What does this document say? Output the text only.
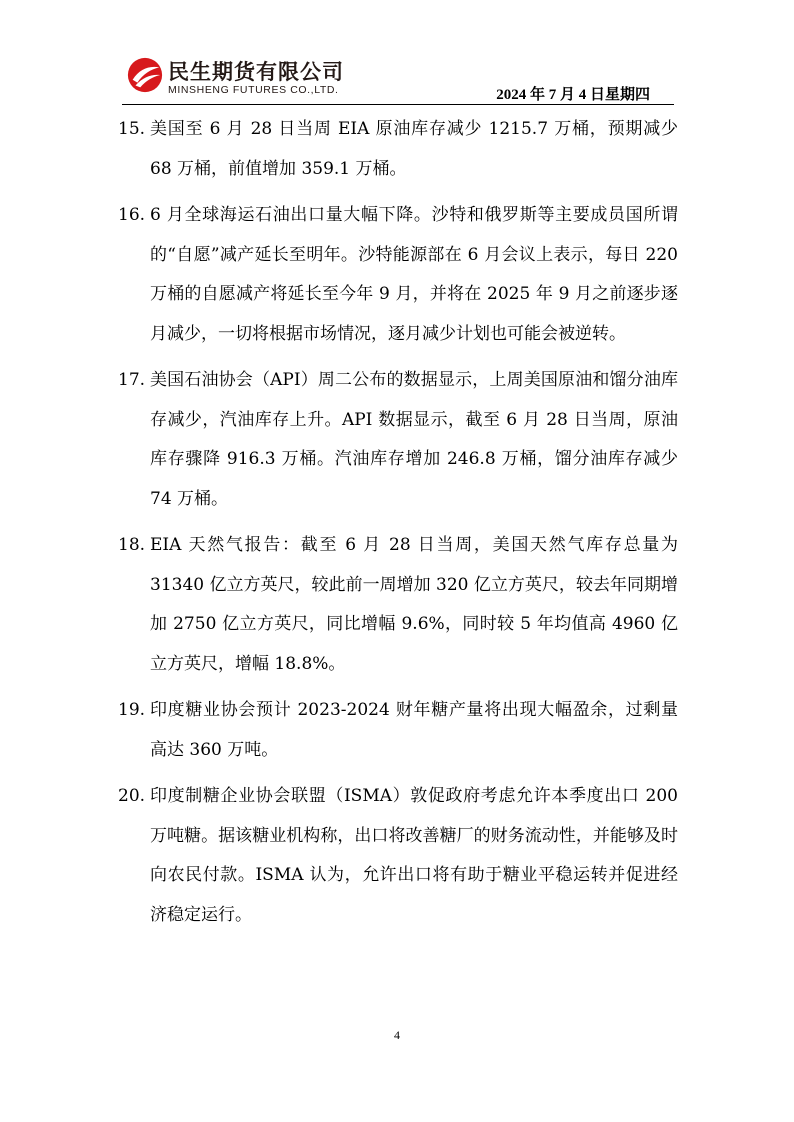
民生期货有限公司
MINSHENG FUTURES CO.,LTD.	2024 年 7 月 4 日星期四
15. 美国至 6 月 28 日当周 EIA 原油库存减少 1215.7 万桶，预期减少 68 万桶，前值增加 359.1 万桶。
16. 6 月全球海运石油出口量大幅下降。沙特和俄罗斯等主要成员国所谓的“自愿”减产延长至明年。沙特能源部在 6 月会议上表示，每日 220 万桶的自愿减产将延长至今年 9 月，并将在 2025 年 9 月之前逐步逐月减少，一切将根据市场情况，逐月减少计划也可能会被逆转。
17. 美国石油协会（API）周二公布的数据显示，上周美国原油和馏分油库存减少，汽油库存上升。API 数据显示，截至 6 月 28 日当周，原油库存骤降 916.3 万桶。汽油库存增加 246.8 万桶，馏分油库存减少 74 万桶。
18. EIA 天然气报告：截至 6 月 28 日当周，美国天然气库存总量为 31340 亿立方英尺，较此前一周增加 320 亿立方英尺，较去年同期增加 2750 亿立方英尺，同比增幅 9.6%，同时较 5 年均值高 4960 亿立方英尺，增幅 18.8%。
19. 印度糖业协会预计 2023-2024 财年糖产量将出现大幅盈余，过剩量高达 360 万吨。
20. 印度制糖企业协会联盟（ISMA）敦促政府考虑允许本季度出口 200 万吨糖。据该糖业机构称，出口将改善糖厂的财务流动性，并能够及时向农民付款。ISMA 认为，允许出口将有助于糖业平稳运转并促进经济稳定运行。
4
